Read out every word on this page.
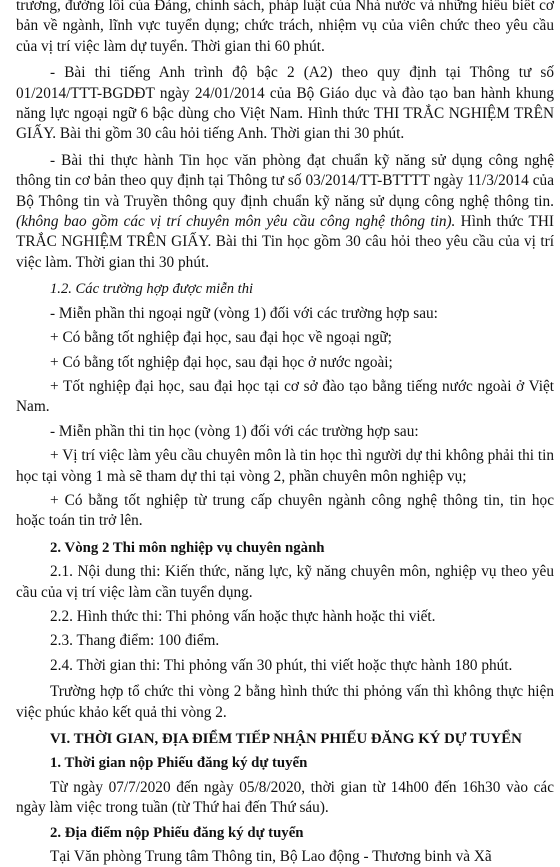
trương, đường lối của Đảng, chính sách, pháp luật của Nhà nước và những hiểu biết cơ bản về ngành, lĩnh vực tuyển dụng; chức trách, nhiệm vụ của viên chức theo yêu cầu của vị trí việc làm dự tuyển. Thời gian thi 60 phút.

- Bài thi tiếng Anh trình độ bậc 2 (A2) theo quy định tại Thông tư số 01/2014/TTT-BGDĐT ngày 24/01/2014 của Bộ Giáo dục và đào tạo ban hành khung năng lực ngoại ngữ 6 bậc dùng cho Việt Nam. Hình thức THI TRẮC NGHIỆM TRÊN GIẤY. Bài thi gồm 30 câu hỏi tiếng Anh. Thời gian thi 30 phút.

- Bài thi thực hành Tin học văn phòng đạt chuẩn kỹ năng sử dụng công nghệ thông tin cơ bản theo quy định tại Thông tư số 03/2014/TT-BTTTT ngày 11/3/2014 của Bộ Thông tin và Truyền thông quy định chuẩn kỹ năng sử dụng công nghệ thông tin.(không bao gồm các vị trí chuyên môn yêu cầu công nghệ thông tin). Hình thức THI TRẮC NGHIỆM TRÊN GIẤY. Bài thi Tin học gồm 30 câu hỏi theo yêu cầu của vị trí việc làm. Thời gian thi 30 phút.

1.2. Các trường hợp được miễn thi

- Miễn phần thi ngoại ngữ (vòng 1) đối với các trường hợp sau:

+ Có bằng tốt nghiệp đại học, sau đại học về ngoại ngữ;

+ Có bằng tốt nghiệp đại học, sau đại học ở nước ngoài;

+ Tốt nghiệp đại học, sau đại học tại cơ sở đào tạo bằng tiếng nước ngoài ở Việt Nam.

- Miễn phần thi tin học (vòng 1) đối với các trường hợp sau:

+ Vị trí việc làm yêu cầu chuyên môn là tin học thì người dự thi không phải thi tin học tại vòng 1 mà sẽ tham dự thi tại vòng 2, phần chuyên môn nghiệp vụ;

+ Có bằng tốt nghiệp từ trung cấp chuyên ngành công nghệ thông tin, tin học hoặc toán tin trở lên.

2. Vòng 2 Thi môn nghiệp vụ chuyên ngành

2.1. Nội dung thi: Kiến thức, năng lực, kỹ năng chuyên môn, nghiệp vụ theo yêu cầu của vị trí việc làm cần tuyển dụng.

2.2. Hình thức thi: Thi phỏng vấn hoặc thực hành hoặc thi viết.

2.3. Thang điểm: 100 điểm.

2.4. Thời gian thi: Thi phỏng vấn 30 phút, thi viết hoặc thực hành 180 phút.

Trường hợp tổ chức thi vòng 2 bằng hình thức thi phỏng vấn thì không thực hiện việc phúc khảo kết quả thi vòng 2.

VI. THỜI GIAN, ĐỊA ĐIỂM TIẾP NHẬN PHIẾU ĐĂNG KÝ DỰ TUYỂN

1. Thời gian nộp Phiếu đăng ký dự tuyển

Từ ngày 07/7/2020 đến ngày 05/8/2020, thời gian từ 14h00 đến 16h30 vào các ngày làm việc trong tuần (từ Thứ hai đến Thứ sáu).

2. Địa điểm nộp Phiếu đăng ký dự tuyển

Tại Văn phòng Trung tâm Thông tin, Bộ Lao động - Thương binh và Xã
